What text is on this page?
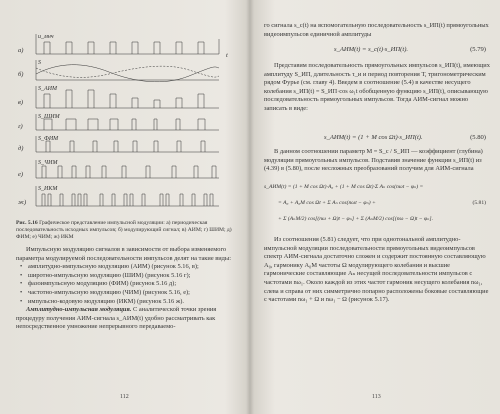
u_мнч
S
S_АИМ
S_ШИМ
S_ФИМ
S_ЧИМ
S_ИКМ
а)
б)
в)
г)
д)
е)
ж)
t
Рис. 5.16 Графическое представление импульсной модуляции: а) периодическая последовательность исходных импульсов; б) модулирующий сигнал; в) АИМ; г) ШИМ; д) ФИМ; е) ЧИМ; ж) ИКМ

Импульсную модуляцию сигналов в зависимости от выбора изменяемого параметра модулируемой последовательности импульсов делят на такие виды:

• амплитудно-импульсную модуляцию (АИМ) (рисунок 5.16, в);
• широтно-импульсную модуляцию (ШИМ) (рисунок 5.16 г);
• фазоимпульсную модуляцию (ФИМ) (рисунок 5.16 д);
• частотно-импульсную модуляцию (ЧИМ) (рисунок 5.16, е);
• импульсно-кодовую модуляцию (ИКМ) (рисунок 5.16 ж).

Амплитудно-импульсная модуляция. С аналитической точки зрения процедуру получения АИМ-сигнала s_АИМ(t) удобно рассматривать как непосредственное умножение непрерывного передаваемо-

112
го сигнала s_c(t) на вспомогательную последовательность s_ИП(t) прямоугольных видеоимпульсов единичной амплитуды
s_АИМ(t) = s_c(t)·s_ИП(t).	(5.79)
Представим последовательность прямоугольных импульсов s_ИП(t), имеющих амплитуду S_ИП, длительность τ_и и период повторения T, тригонометрическим рядом Фурье (см. главу 4). Введем в соотношение (5.4) в качестве несущего колебания s_ИП(t) = S_ИП·cos ω₁t обобщенную функцию s_ИП(t), описывающую последовательность прямоугольных импульсов. Тогда АИМ-сигнал можно записать в виде:
s_АИМ(t) = (1 + M cos Ωt)·s_ИП(t).	(5.80)
В данном соотношении параметр M = S_c / S_ИП — коэффициент (глубина) модуляции прямоугольных импульсов. Подставив значение функции s_ИП(t) из (4.39) в (5.80), после несложных преобразований получим для АИМ-сигнала
s_АИМ(t) = (1 + M cos Ωt)·A₀ + (1 + M cos Ωt)·Σ Aₙ cos(nωt − φₙ) =
= A₀ + A₀M cos Ωt + Σ Aₙ cos(nωt − φₙ) +	(5.81)
+ Σ (AₙM/2) cos[(nω + Ω)t − φₙ] + Σ (AₙM/2) cos[(nω − Ω)t − φₙ].
Из соотношения (5.81) следует, что при однотональной амплитудно-импульсной модуляции последовательности прямоугольных видеоимпульсов спектр АИМ-сигнала достаточно сложен и содержит постоянную составляющую A₀, гармонику A₀M частоты Ω модулирующего колебания и высшие гармонические составляющие Aₙ несущей последовательности импульсов с частотами nω₁. Около каждой из этих частот гармоник несущего колебания nω₁, слева и справа от них симметрично попарно расположены боковые составляющие с частотами nω₁ + Ω и nω₁ − Ω (рисунок 5.17).
113
